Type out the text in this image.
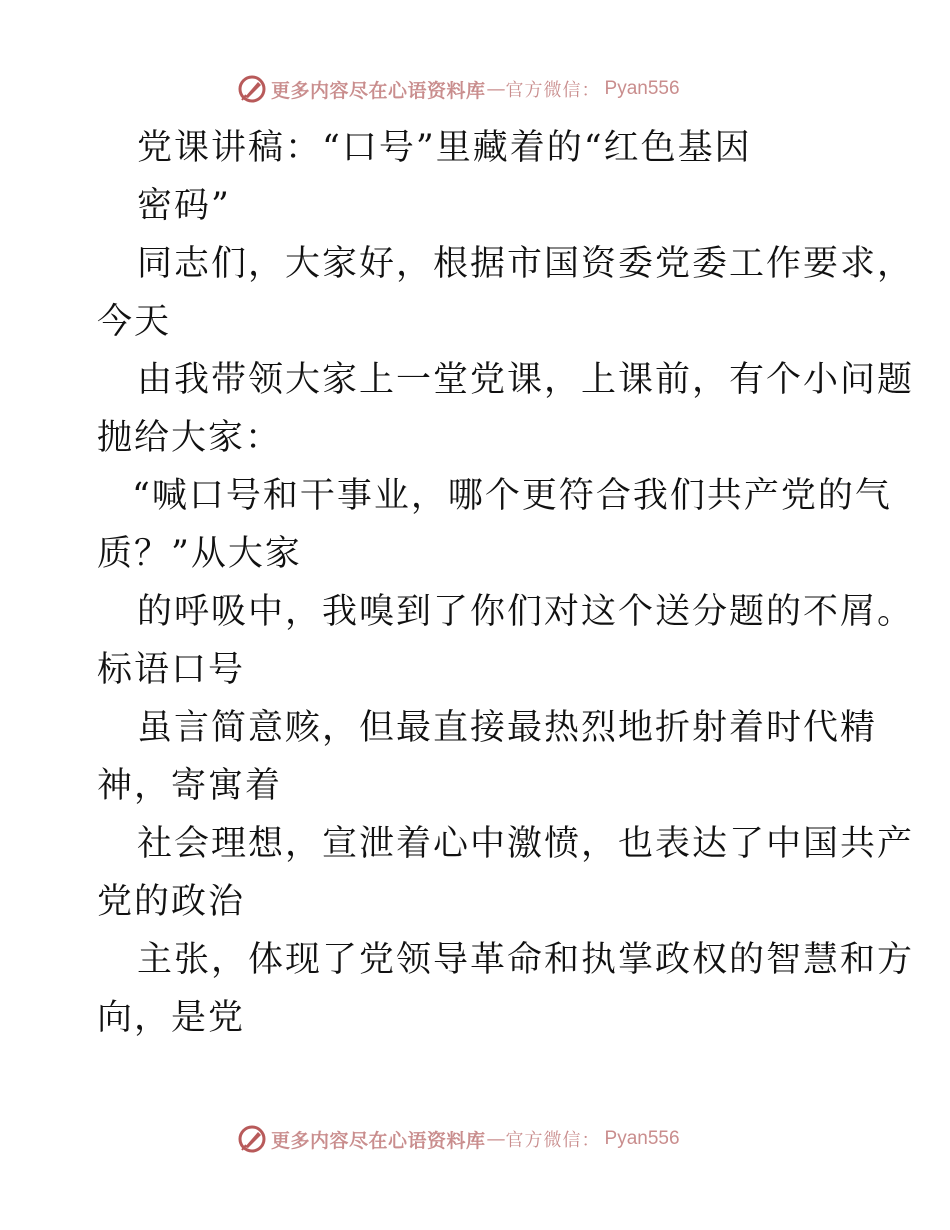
更多内容尽在心语资料库 — 官方微信： Pyan556
党课讲稿：“口号”里藏着的“红色基因
密码”
同志们，大家好，根据市国资委党委工作要求，
今天
由我带领大家上一堂党课，上课前，有个小问题
抛给大家：
“喊口号和干事业，哪个更符合我们共产党的气
质？”从大家
的呼吸中，我嗅到了你们对这个送分题的不屑。
标语口号
虽言简意赅，但最直接最热烈地折射着时代精
神，寄寓着
社会理想，宣泄着心中激愤，也表达了中国共产
党的政治
主张，体现了党领导革命和执掌政权的智慧和方
向，是党
更多内容尽在心语资料库 — 官方微信： Pyan556
